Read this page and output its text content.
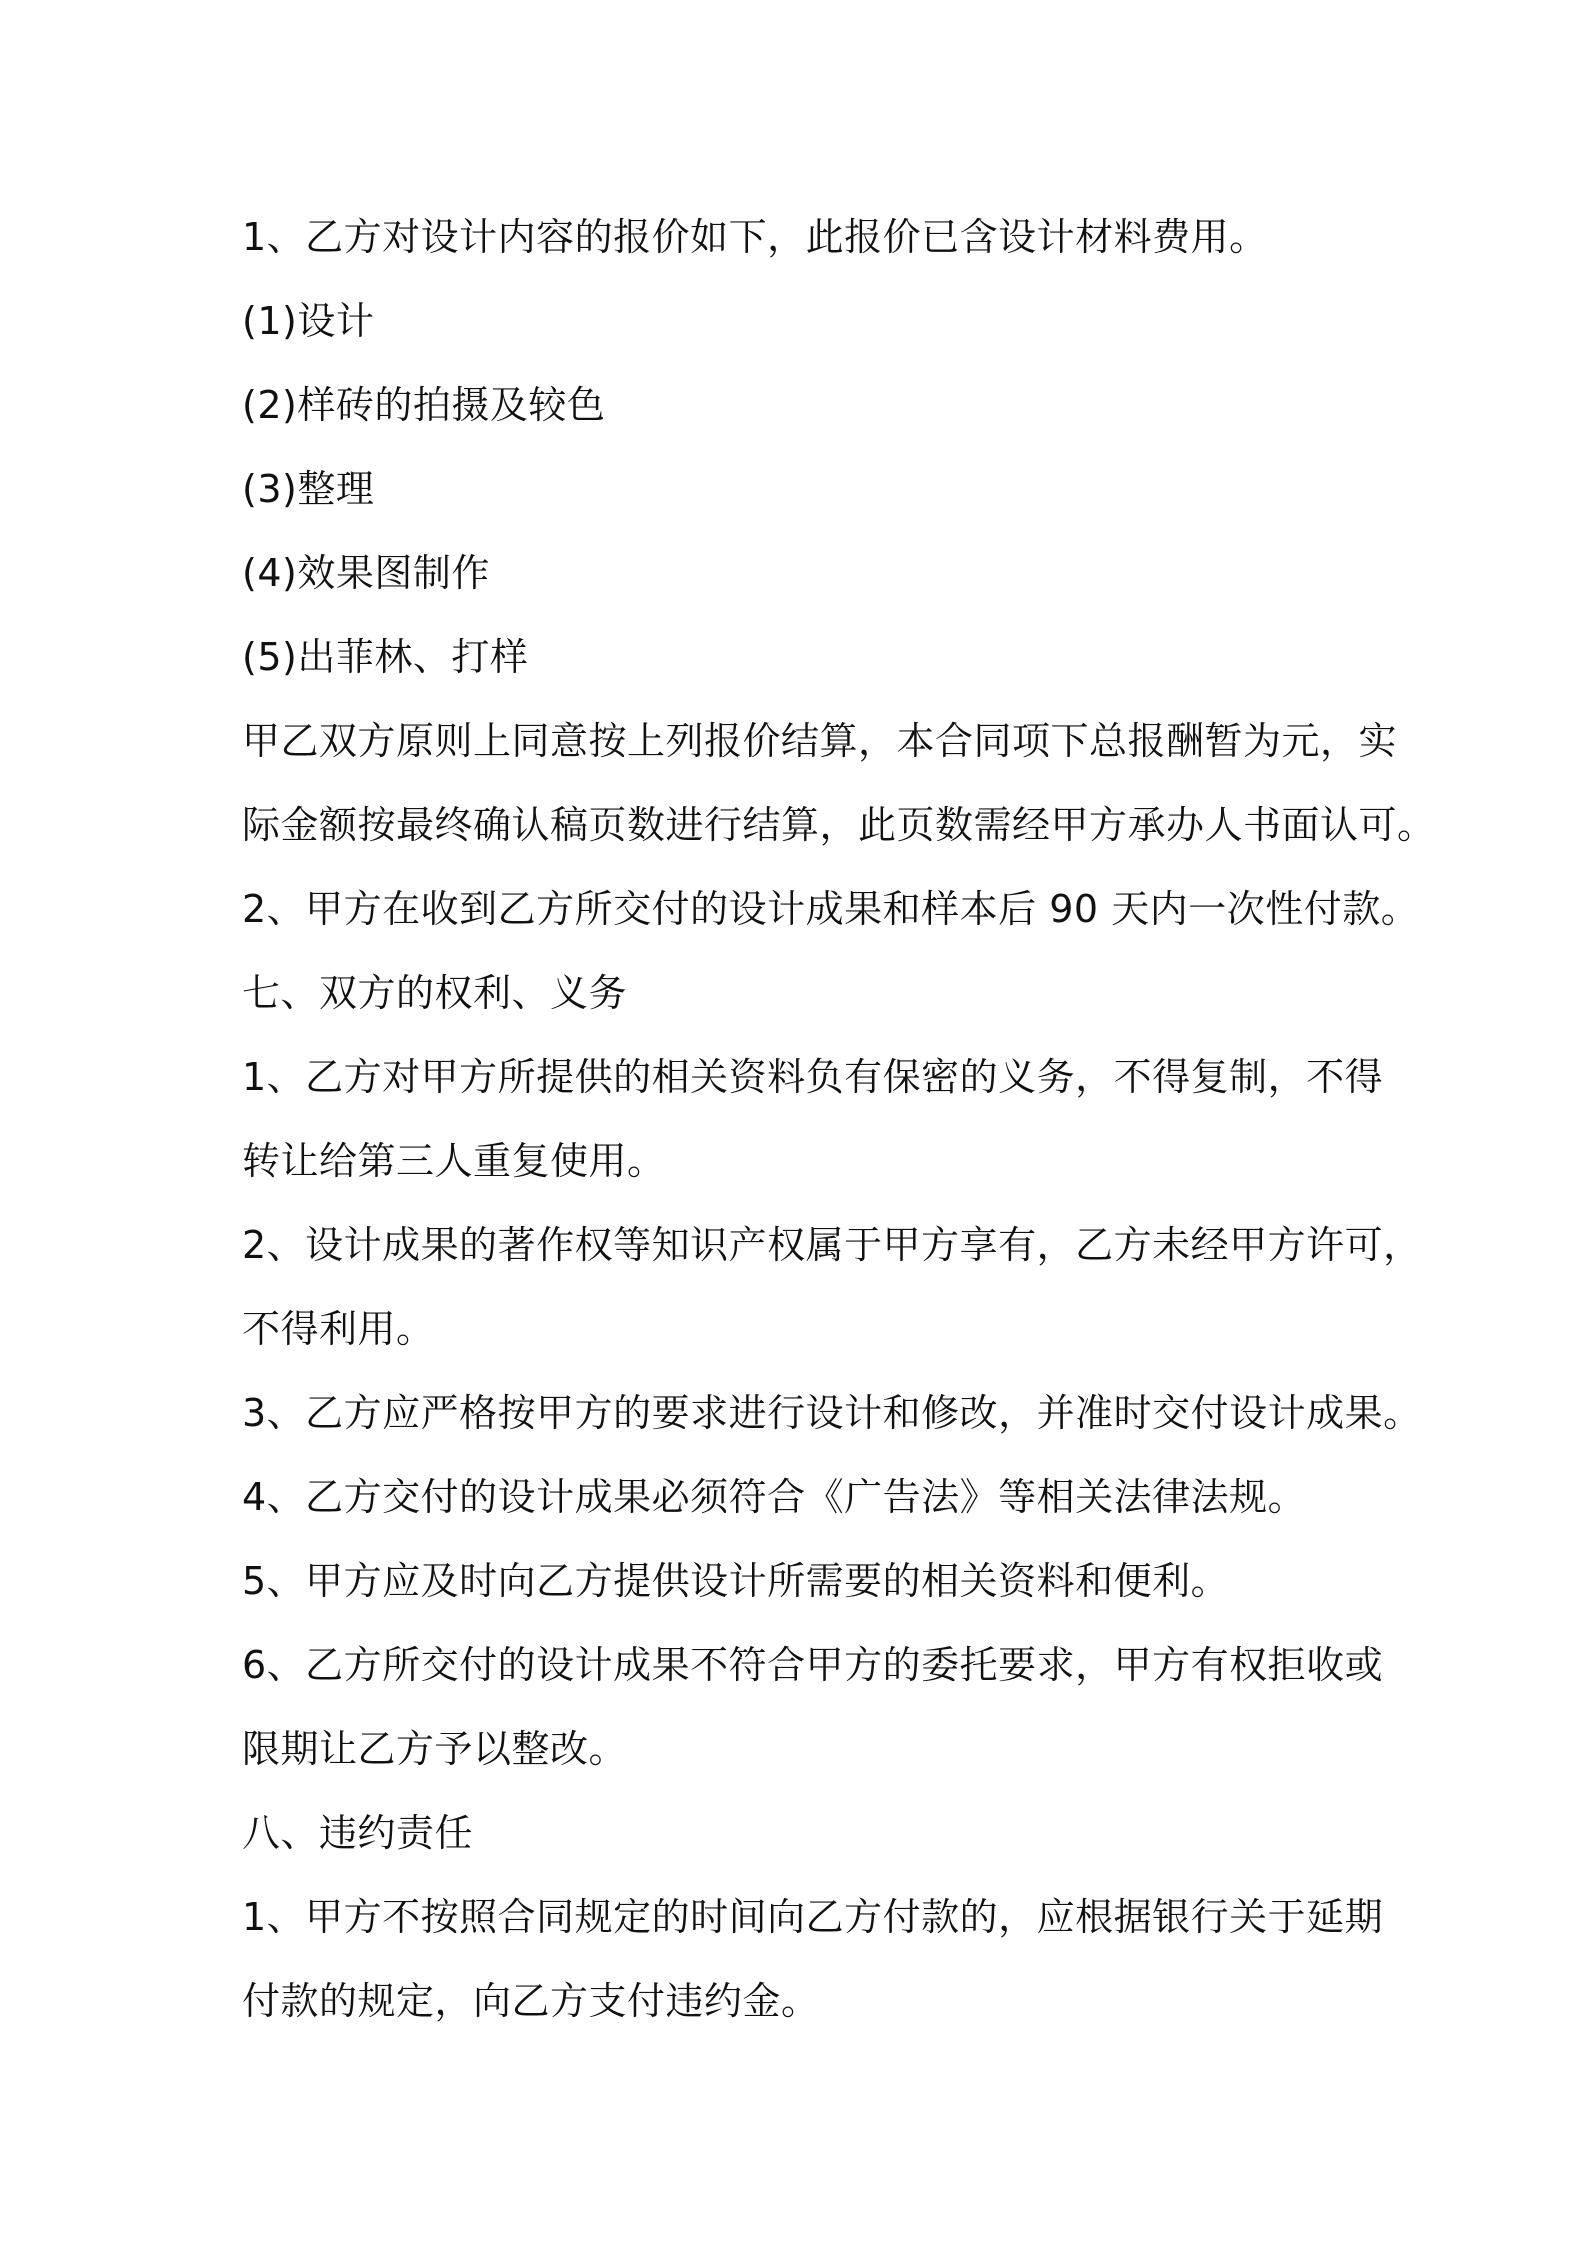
1、乙方对设计内容的报价如下，此报价已含设计材料费用。

(1)设计

(2)样砖的拍摄及较色

(3)整理

(4)效果图制作

(5)出菲林、打样

甲乙双方原则上同意按上列报价结算，本合同项下总报酬暂为元，实

际金额按最终确认稿页数进行结算，此页数需经甲方承办人书面认可。

2、甲方在收到乙方所交付的设计成果和样本后 90 天内一次性付款。

七、双方的权利、义务

1、乙方对甲方所提供的相关资料负有保密的义务，不得复制，不得

转让给第三人重复使用。

2、设计成果的著作权等知识产权属于甲方享有，乙方未经甲方许可，

不得利用。

3、乙方应严格按甲方的要求进行设计和修改，并准时交付设计成果。

4、乙方交付的设计成果必须符合《广告法》等相关法律法规。

5、甲方应及时向乙方提供设计所需要的相关资料和便利。

6、乙方所交付的设计成果不符合甲方的委托要求，甲方有权拒收或

限期让乙方予以整改。

八、违约责任

1、甲方不按照合同规定的时间向乙方付款的，应根据银行关于延期

付款的规定，向乙方支付违约金。
